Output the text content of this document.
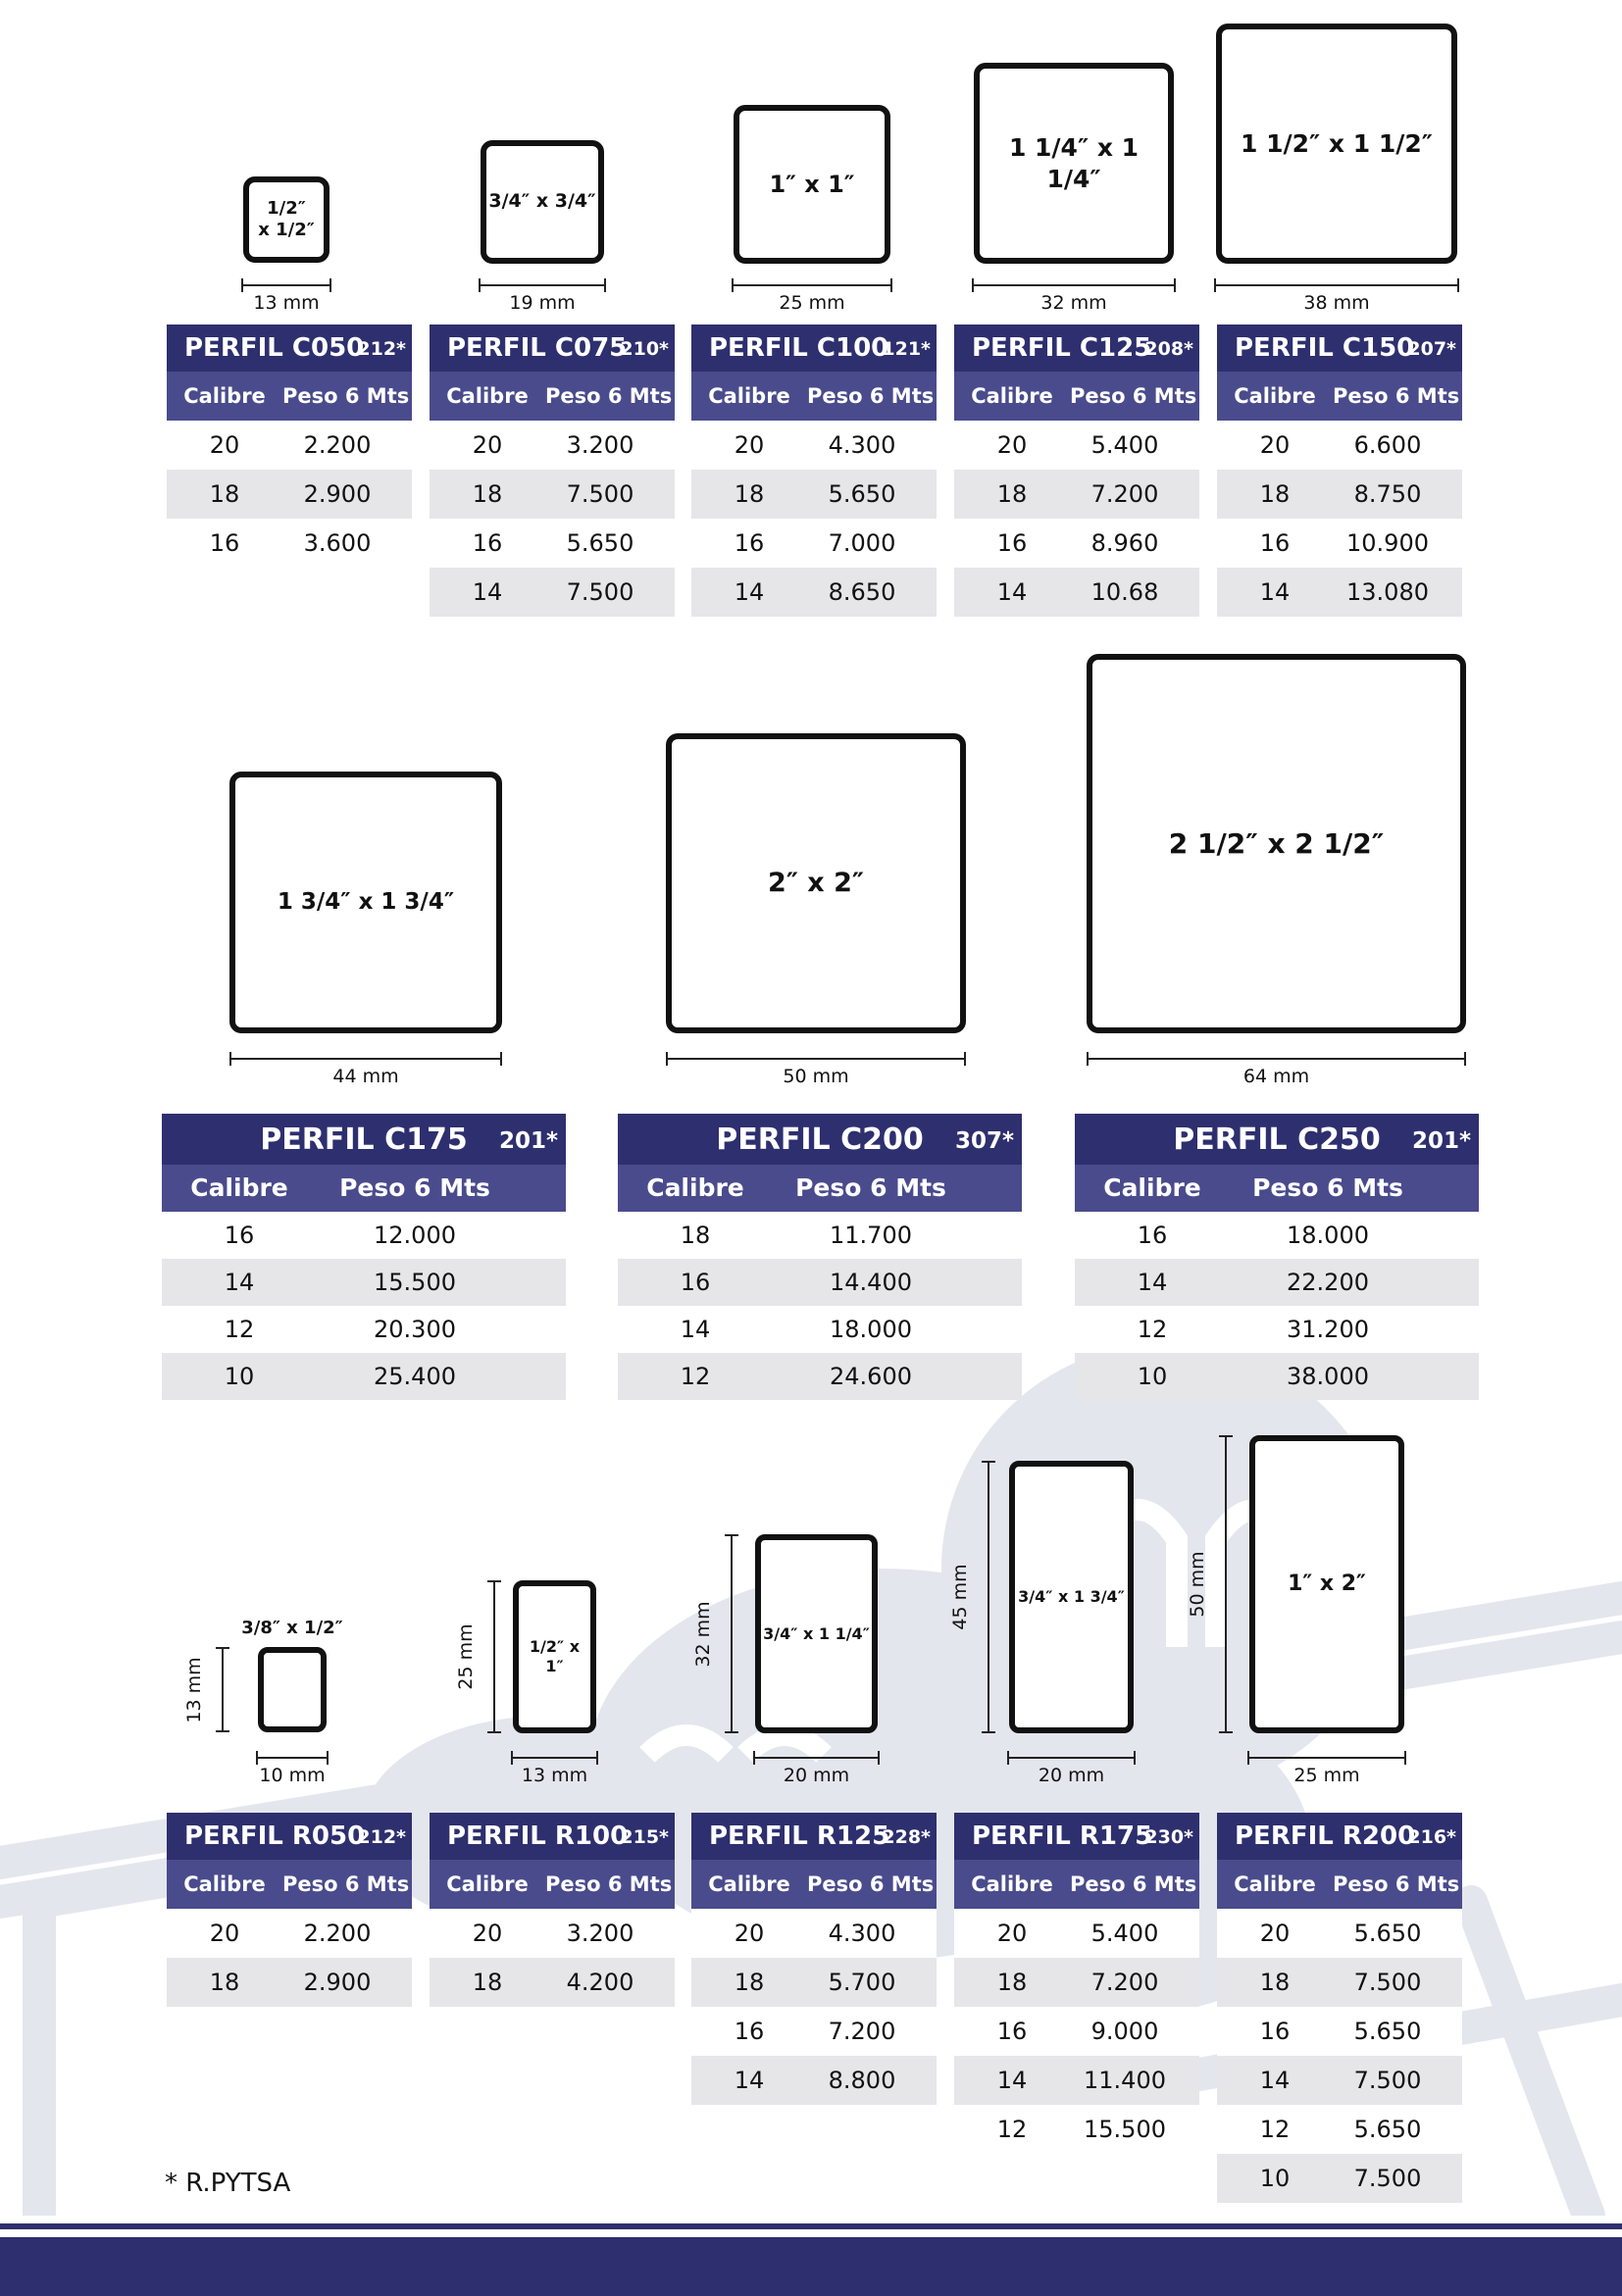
1/2″
x 1/2″
13 mm
PERFIL C050
212*
Calibre Peso 6 Mts
20	2.200
18	2.900
16	3.600
3/4″ x 3/4″
19 mm
PERFIL C075
210*
Calibre Peso 6 Mts
20	3.200
18	7.500
16	5.650
14	7.500
1″ x 1″
25 mm
PERFIL C100
121*
Calibre Peso 6 Mts
20	4.300
18	5.650
16	7.000
14	8.650
1 1/4″ x 1 1/4″
32 mm
PERFIL C125
208*
Calibre Peso 6 Mts
20	5.400
18	7.200
16	8.960
14	10.68
1 1/2″ x 1 1/2″
38 mm
PERFIL C150
207*
Calibre Peso 6 Mts
20	6.600
18	8.750
16	10.900
14	13.080
1 3/4″ x 1 3/4″
44 mm
PERFIL C175	201*
Calibre	Peso 6 Mts
16	12.000
14	15.500
12	20.300
10	25.400
2″ x 2″
50 mm
PERFIL C200	307*
Calibre	Peso 6 Mts
18	11.700
16	14.400
14	18.000
12	24.600
2 1/2″ x 2 1/2″
64 mm
PERFIL C250	201*
Calibre	Peso 6 Mts
16	18.000
14	22.200
12	31.200
10	38.000
3/8″ x 1/2″
10 mm
13 mm
PERFIL R050
212*
Calibre Peso 6 Mts
20	2.200
18	2.900
1/2″ x 1″
13 mm
25 mm
PERFIL R100
215*
Calibre Peso 6 Mts
20	3.200
18	4.200
3/4″ x 1 1/4″
20 mm
32 mm
PERFIL R125
228*
Calibre Peso 6 Mts
20	4.300
18	5.700
16	7.200
14	8.800
3/4″ x 1 3/4″
20 mm
45 mm
PERFIL R175
230*
Calibre Peso 6 Mts
20	5.400
18	7.200
16	9.000
14	11.400
12	15.500
1″ x 2″
25 mm
50 mm
PERFIL R200
216*
Calibre Peso 6 Mts
20	5.650
18	7.500
16	5.650
14	7.500
12	5.650
10	7.500
* R.PYTSA
